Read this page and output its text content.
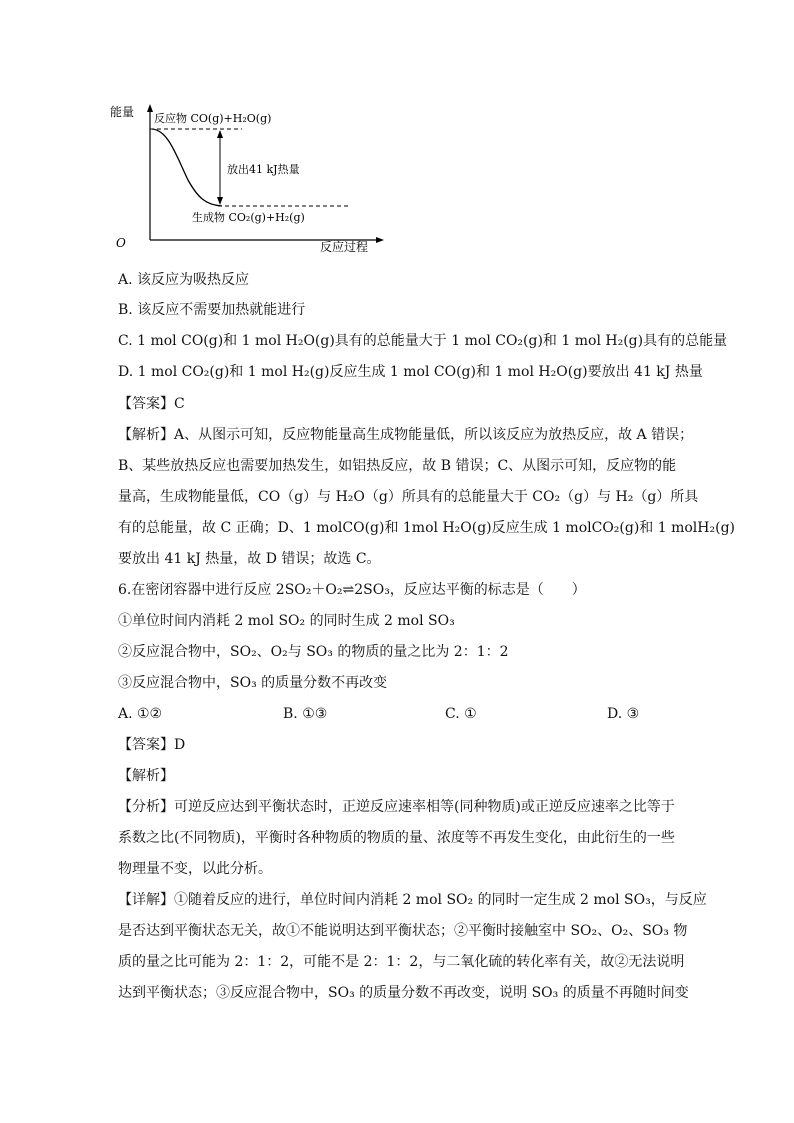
能量 反应物 CO(g)+H₂O(g)
放出41 kJ热量
生成物 CO₂(g)+H₂(g)
O	反应过程
A. 该反应为吸热反应
B. 该反应不需要加热就能进行
C. 1 mol CO(g)和 1 mol H₂O(g)具有的总能量大于 1 mol CO₂(g)和 1 mol H₂(g)具有的总能量
D. 1 mol CO₂(g)和 1 mol H₂(g)反应生成 1 mol CO(g)和 1 mol H₂O(g)要放出 41 kJ 热量
【答案】C
【解析】A、从图示可知，反应物能量高生成物能量低，所以该反应为放热反应，故 A 错误；
B、某些放热反应也需要加热发生，如铝热反应，故 B 错误；C、从图示可知，反应物的能
量高，生成物能量低，CO（g）与 H₂O（g）所具有的总能量大于 CO₂（g）与 H₂（g）所具
有的总能量，故 C 正确；D、1 molCO(g)和 1mol H₂O(g)反应生成 1 molCO₂(g)和 1 molH₂(g)
要放出 41 kJ 热量，故 D 错误；故选 C。
6.在密闭容器中进行反应 2SO₂＋O₂⇌2SO₃，反应达平衡的标志是（　　）
①单位时间内消耗 2 mol SO₂ 的同时生成 2 mol SO₃
②反应混合物中，SO₂、O₂与 SO₃ 的物质的量之比为 2：1：2
③反应混合物中，SO₃ 的质量分数不再改变
A. ①②	B. ①③	C. ①	D. ③
【答案】D
【解析】
【分析】可逆反应达到平衡状态时，正逆反应速率相等(同种物质)或正逆反应速率之比等于
系数之比(不同物质)，平衡时各种物质的物质的量、浓度等不再发生变化，由此衍生的一些
物理量不变，以此分析。
【详解】①随着反应的进行，单位时间内消耗 2 mol SO₂ 的同时一定生成 2 mol SO₃，与反应
是否达到平衡状态无关，故①不能说明达到平衡状态；②平衡时接触室中 SO₂、O₂、SO₃ 物
质的量之比可能为 2：1：2，可能不是 2：1：2，与二氧化硫的转化率有关，故②无法说明
达到平衡状态；③反应混合物中，SO₃ 的质量分数不再改变，说明 SO₃ 的质量不再随时间变
